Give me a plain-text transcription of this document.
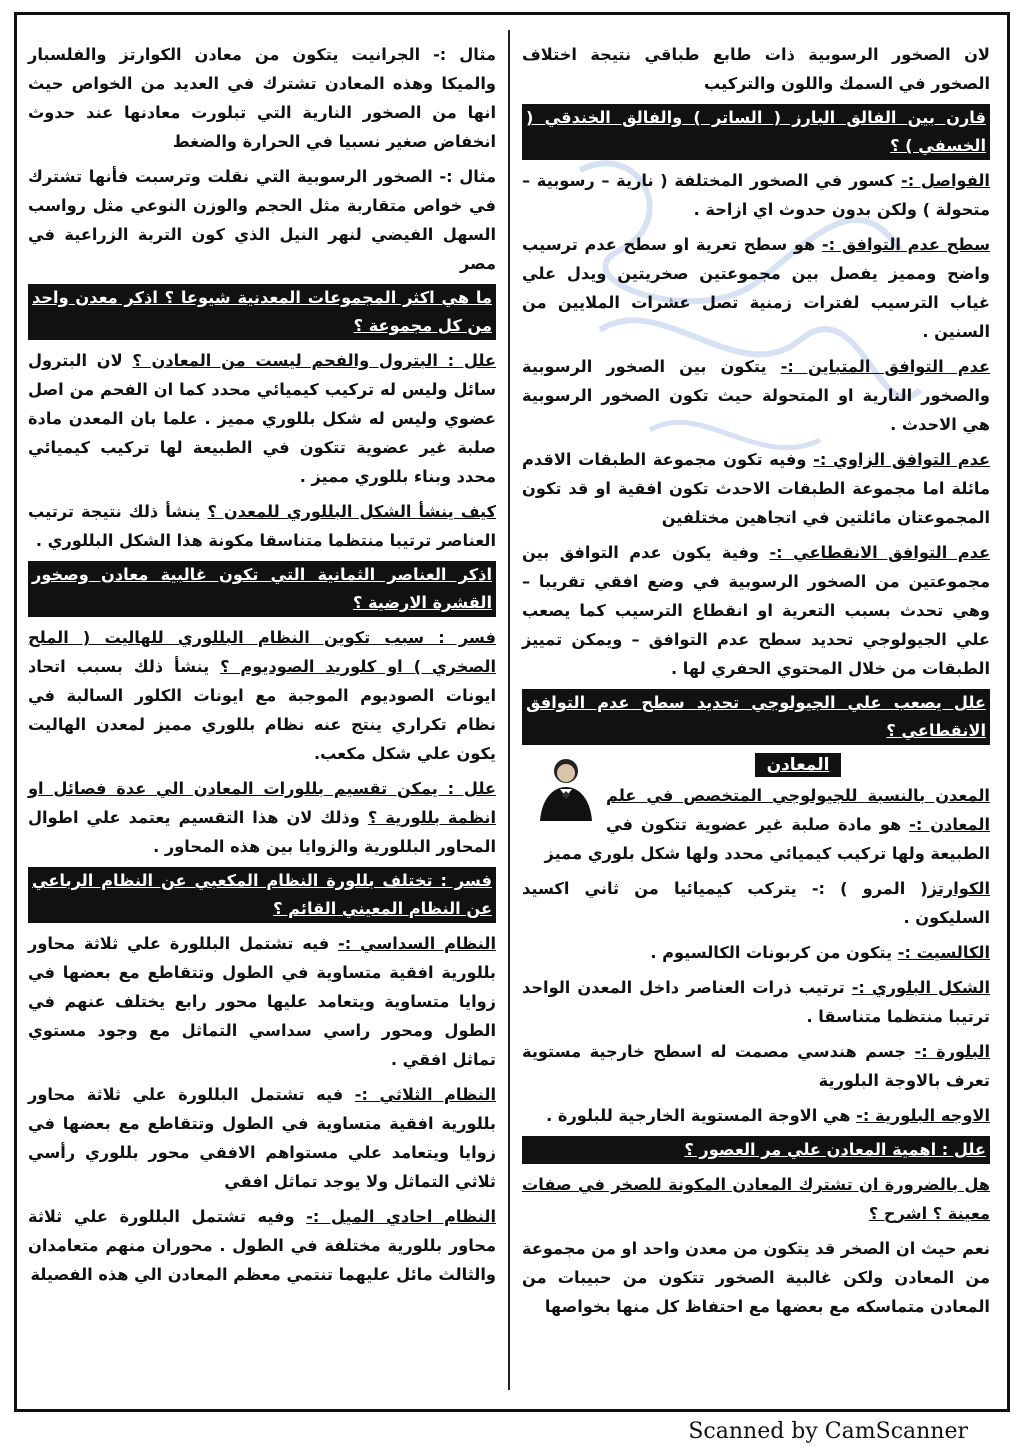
لان الصخور الرسوبية ذات طابع طباقي نتيجة اختلاف الصخور في السمك واللون والتركيب
قارن بين الفالق البارز ( الساتر ) والفالق الخندقي ( الخسفي ) ؟
الفواصل :- كسور في الصخور المختلفة ( نارية – رسوبية – متحولة ) ولكن بدون حدوث اي ازاحة .
سطح عدم التوافق :- هو سطح تعرية او سطح عدم ترسيب واضح ومميز يفصل بين مجموعتين صخريتين ويدل علي غياب الترسيب لفترات زمنية تصل عشرات الملايين من السنين .
عدم التوافق المتباين :- يتكون بين الصخور الرسوبية والصخور النارية او المتحولة حيث تكون الصخور الرسوبية هي الاحدث .
عدم التوافق الزاوي :- وفيه تكون مجموعة الطبقات الاقدم مائلة اما مجموعة الطبقات الاحدث تكون افقية او قد تكون المجموعتان مائلتين في اتجاهين مختلفين
عدم التوافق الانقطاعي :- وفية يكون عدم التوافق بين مجموعتين من الصخور الرسوبية في وضع افقي تقريبا – وهي تحدث بسبب التعرية او انقطاع الترسيب كما يصعب علي الجيولوجي تحديد سطح عدم التوافق – ويمكن تمييز الطبقات من خلال المحتوي الحفري لها .
علل يصعب علي الجيولوجي تحديد سطح عدم التوافق الانقطاعي ؟
المعادن
المعدن بالنسبة للجيولوجي المتخصص في علم المعادن :- هو مادة صلبة غير عضوية تتكون في الطبيعة ولها تركيب كيميائي محدد ولها شكل بلوري مميز
الكوارتز( المرو ) :- يتركب كيميائيا من ثاني اكسيد السليكون .
الكالسيت :- يتكون من كربونات الكالسيوم .
الشكل البلوري :- ترتيب ذرات العناصر داخل المعدن الواحد ترتيبا منتظما متناسقا .
البلورة :- جسم هندسي مصمت له اسطح خارجية مستوية تعرف بالاوجة البلورية
الاوجه البلورية :- هي الاوجة المستوية الخارجية للبلورة .
علل : اهمية المعادن علي مر العصور ؟
هل بالضرورة ان تشترك المعادن المكونة للصخر في صفات معينة ؟ اشرح ؟
نعم حيث ان الصخر قد يتكون من معدن واحد او من مجموعة من المعادن ولكن غالبية الصخور تتكون من حبيبات من المعادن متماسكه مع بعضها مع احتفاظ كل منها بخواصها
مثال :- الجرانيت يتكون من معادن الكوارتز والفلسبار والميكا وهذه المعادن تشترك في العديد من الخواص حيث انها من الصخور النارية التي تبلورت معادنها عند حدوث انخفاض صغير نسبيا في الحرارة والضغط
مثال :- الصخور الرسوبية التي نقلت وترسبت فأنها تشترك في خواص متقاربة مثل الحجم والوزن النوعي مثل رواسب السهل الفيضي لنهر النيل الذي كون التربة الزراعية في مصر
ما هي اكثر المجموعات المعدنية شيوعا ؟ اذكر معدن واحد من كل مجموعة ؟
علل : البترول والفحم ليست من المعادن ؟ لان البترول سائل وليس له تركيب كيميائي محدد كما ان الفحم من اصل عضوي وليس له شكل بللوري مميز . علما بان المعدن مادة صلبة غير عضوية تتكون في الطبيعة لها تركيب كيميائي محدد وبناء بللوري مميز .
كيف ينشأ الشكل البللوري للمعدن ؟ ينشأ ذلك نتيجة ترتيب العناصر ترتيبا منتظما متناسقا مكونة هذا الشكل البللوري .
اذكر العناصر الثمانية التي تكون غالبية معادن وصخور القشرة الارضية ؟
فسر : سبب تكوين النظام البللوري للهاليت ( الملح الصخري ) او كلوريد الصوديوم ؟ ينشأ ذلك بسبب اتحاد ايونات الصوديوم الموجبة مع ايونات الكلور السالبة في نظام تكراري ينتج عنه نظام بللوري مميز لمعدن الهاليت يكون علي شكل مكعب.
علل : يمكن تقسيم بللورات المعادن الي عدة فصائل او انظمة بللورية ؟ وذلك لان هذا التقسيم يعتمد علي اطوال المحاور البللورية والزوايا بين هذه المحاور .
فسر : تختلف بللورة النظام المكعبي عن النظام الرباعي عن النظام المعيني القائم ؟
النظام السداسي :- فيه تشتمل البللورة علي ثلاثة محاور بللورية افقية متساوية في الطول وتتقاطع مع بعضها في زوايا متساوية ويتعامد عليها محور رابع يختلف عنهم في الطول ومحور راسي سداسي التماثل مع وجود مستوي تماثل افقي .
النظام الثلاثي :- فيه تشتمل البللورة علي ثلاثة محاور بللورية افقية متساوية في الطول وتتقاطع مع بعضها في زوايا ويتعامد علي مستواهم الافقي محور بللوري رأسي ثلاثي التماثل ولا يوجد تماثل افقي
النظام احادي الميل :- وفيه تشتمل البللورة علي ثلاثة محاور بللورية مختلفة في الطول . محوران منهم متعامدان والثالث مائل عليهما تنتمي معظم المعادن الي هذه الفصيلة
Scanned by CamScanner
